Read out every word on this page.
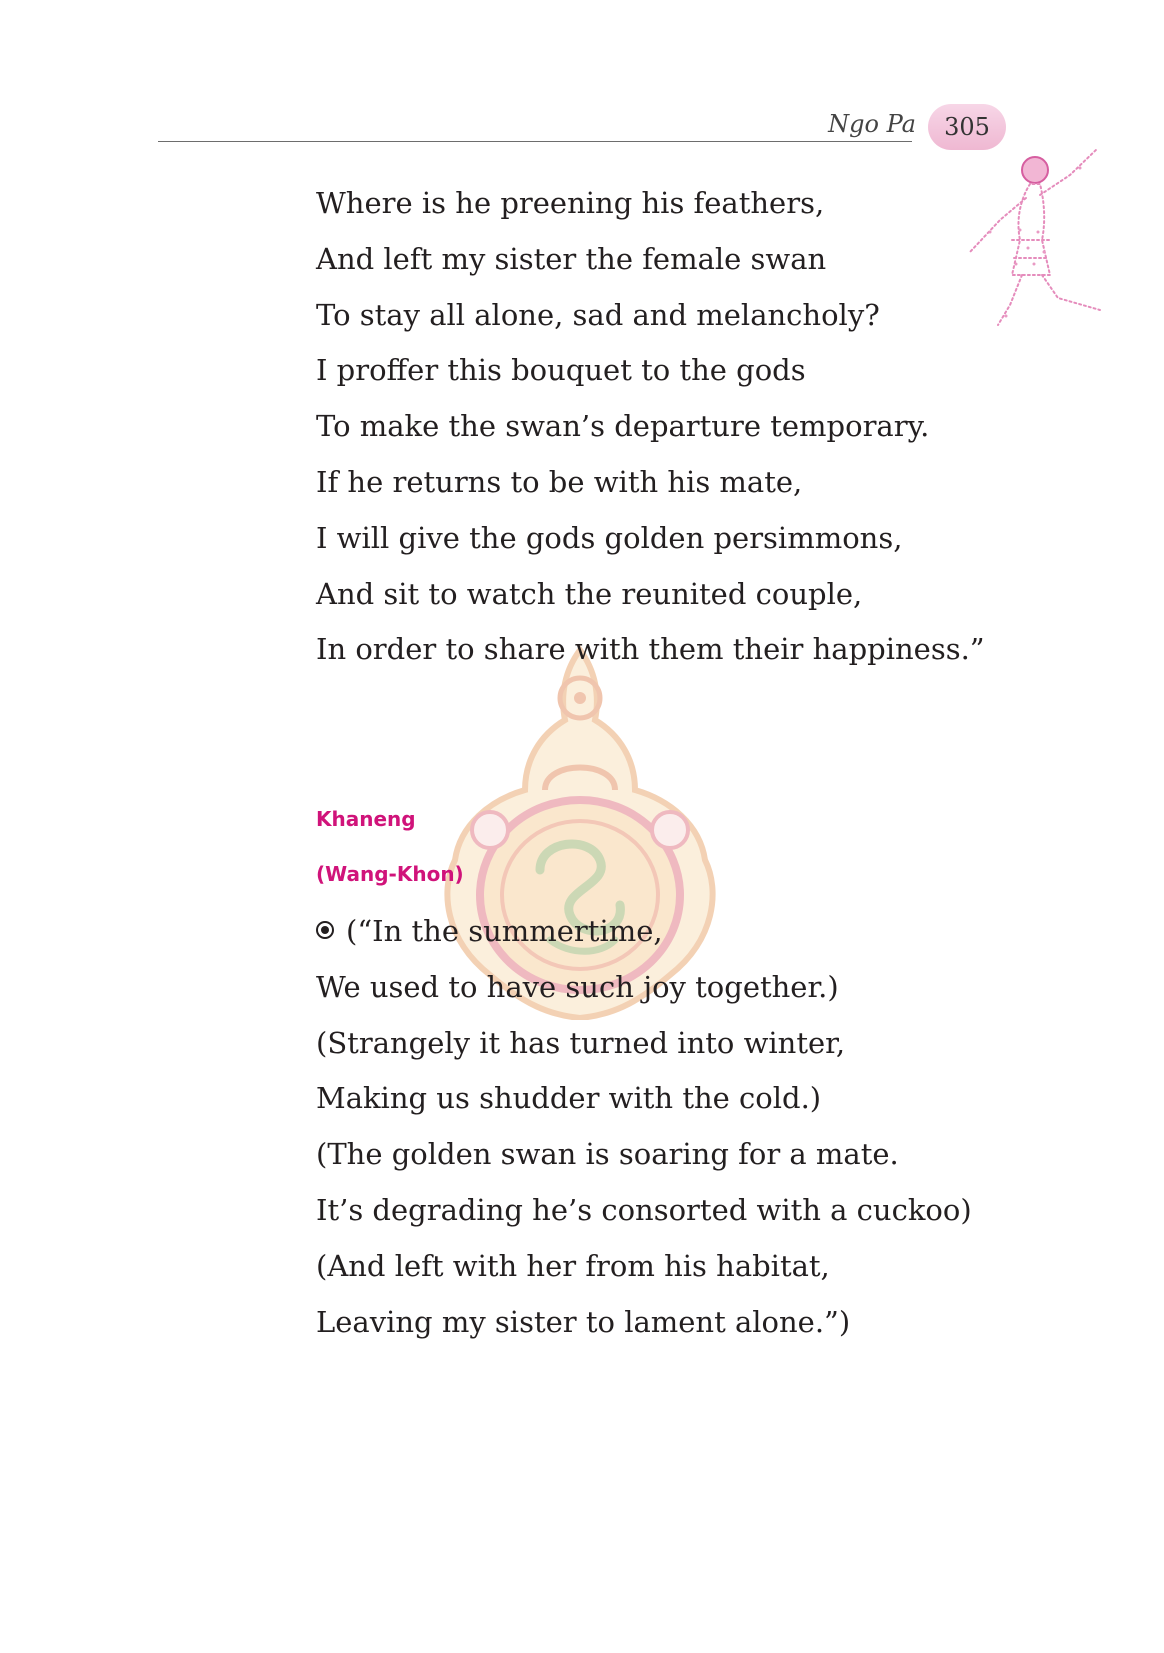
Ngo Pa 305
Where is he preening his feathers,
And left my sister the female swan
To stay all alone, sad and melancholy?
I proffer this bouquet to the gods
To make the swan’s departure temporary.
If he returns to be with his mate,
I will give the gods golden persimmons,
And sit to watch the reunited couple,
In order to share with them their happiness.”
Khaneng
(Wang-Khon)
(“In the summertime,
We used to have such joy together.)
(Strangely it has turned into winter,
Making us shudder with the cold.)
(The golden swan is soaring for a mate.
It’s degrading he’s consorted with a cuckoo)
(And left with her from his habitat,
Leaving my sister to lament alone.”)
